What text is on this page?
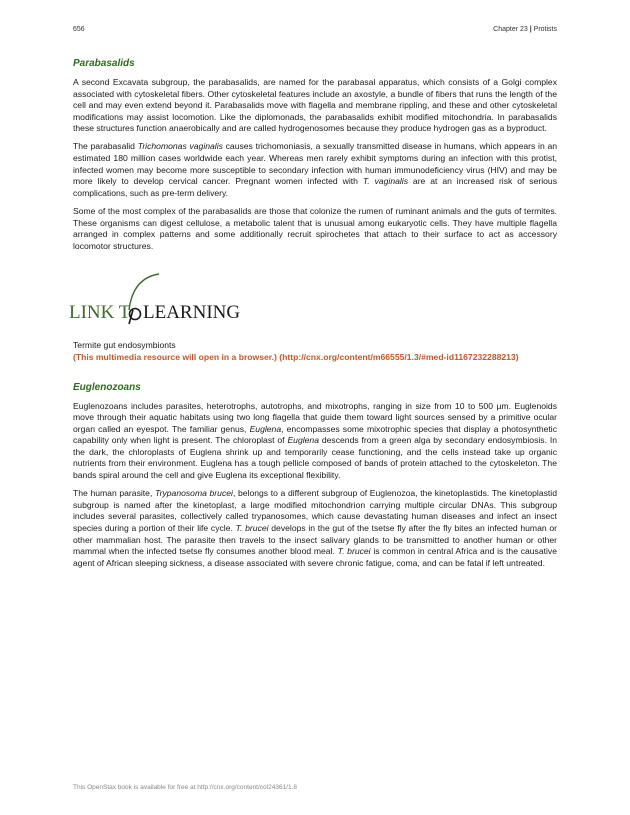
656	Chapter 23 | Protists
Parabasalids

A second Excavata subgroup, the parabasalids, are named for the parabasal apparatus, which consists of a Golgi complex associated with cytoskeletal fibers. Other cytoskeletal features include an axostyle, a bundle of fibers that runs the length of the cell and may even extend beyond it. Parabasalids move with flagella and membrane rippling, and these and other cytoskeletal modifications may assist locomotion. Like the diplomonads, the parabasalids exhibit modified mitochondria. In parabasalids these structures function anaerobically and are called hydrogenosomes because they produce hydrogen gas as a byproduct.

The parabasalid Trichomonas vaginalis causes trichomoniasis, a sexually transmitted disease in humans, which appears in an estimated 180 million cases worldwide each year. Whereas men rarely exhibit symptoms during an infection with this protist, infected women may become more susceptible to secondary infection with human immunodeficiency virus (HIV) and may be more likely to develop cervical cancer. Pregnant women infected with T. vaginalis are at an increased risk of serious complications, such as pre-term delivery.

Some of the most complex of the parabasalids are those that colonize the rumen of ruminant animals and the guts of termites. These organisms can digest cellulose, a metabolic talent that is unusual among eukaryotic cells. They have multiple flagella arranged in complex patterns and some additionally recruit spirochetes that attach to their surface to act as accessory locomotor structures.

LINK T LEARNING
Termite gut endosymbionts
(This multimedia resource will open in a browser.) (http://cnx.org/content/m66555/1.3/#med-id1167232288213)
Euglenozoans

Euglenozoans includes parasites, heterotrophs, autotrophs, and mixotrophs, ranging in size from 10 to 500 µm. Euglenoids move through their aquatic habitats using two long flagella that guide them toward light sources sensed by a primitive ocular organ called an eyespot. The familiar genus, Euglena, encompasses some mixotrophic species that display a photosynthetic capability only when light is present. The chloroplast of Euglena descends from a green alga by secondary endosymbiosis. In the dark, the chloroplasts of Euglena shrink up and temporarily cease functioning, and the cells instead take up organic nutrients from their environment. Euglena has a tough pellicle composed of bands of protein attached to the cytoskeleton. The bands spiral around the cell and give Euglena its exceptional flexibility.

The human parasite, Trypanosoma brucei, belongs to a different subgroup of Euglenozoa, the kinetoplastids. The kinetoplastid subgroup is named after the kinetoplast, a large modified mitochondrion carrying multiple circular DNAs. This subgroup includes several parasites, collectively called trypanosomes, which cause devastating human diseases and infect an insect species during a portion of their life cycle. T. brucei develops in the gut of the tsetse fly after the fly bites an infected human or other mammalian host. The parasite then travels to the insect salivary glands to be transmitted to another human or other mammal when the infected tsetse fly consumes another blood meal. T. brucei is common in central Africa and is the causative agent of African sleeping sickness, a disease associated with severe chronic fatigue, coma, and can be fatal if left untreated.

This OpenStax book is available for free at http://cnx.org/content/col24361/1.8
